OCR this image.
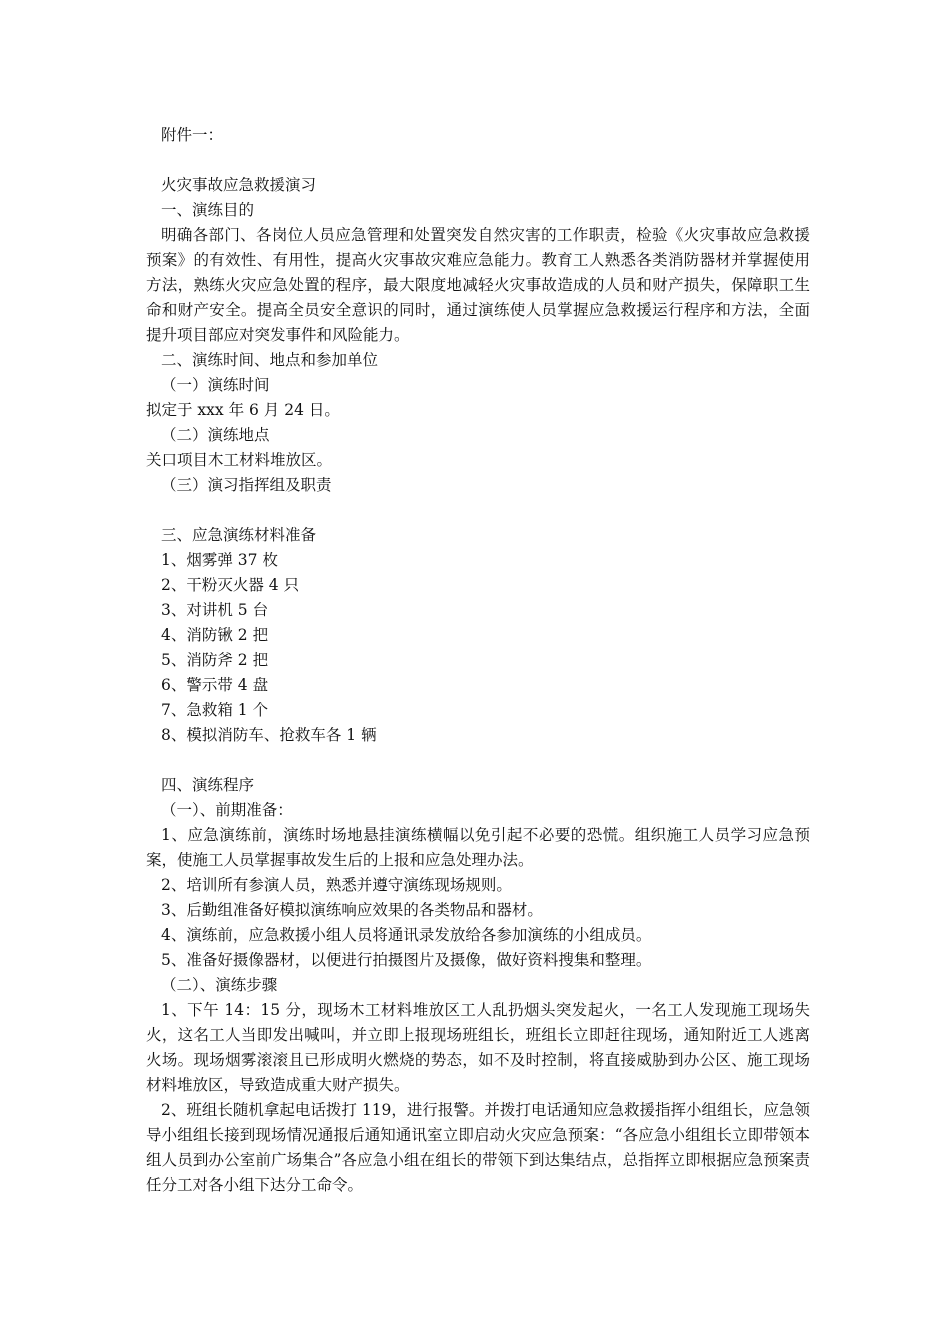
附件一：
火灾事故应急救援演习
一、演练目的
明确各部门、各岗位人员应急管理和处置突发自然灾害的工作职责，检验《火灾事故应急救援预案》的有效性、有用性，提高火灾事故灾难应急能力。教育工人熟悉各类消防器材并掌握使用方法，熟练火灾应急处置的程序，最大限度地减轻火灾事故造成的人员和财产损失，保障职工生命和财产安全。提高全员安全意识的同时，通过演练使人员掌握应急救援运行程序和方法，全面提升项目部应对突发事件和风险能力。
二、演练时间、地点和参加单位
（一）演练时间
拟定于 xxx 年 6 月 24 日。
（二）演练地点
关口项目木工材料堆放区。
（三）演习指挥组及职责
三、应急演练材料准备
1、烟雾弹 37 枚
2、干粉灭火器 4 只
3、对讲机 5 台
4、消防锹 2 把
5、消防斧 2 把
6、警示带 4 盘
7、急救箱 1 个
8、模拟消防车、抢救车各 1 辆
四、演练程序
（一）、前期准备：
1、应急演练前，演练时场地悬挂演练横幅以免引起不必要的恐慌。组织施工人员学习应急预案，使施工人员掌握事故发生后的上报和应急处理办法。
2、培训所有参演人员，熟悉并遵守演练现场规则。
3、后勤组准备好模拟演练响应效果的各类物品和器材。
4、演练前，应急救援小组人员将通讯录发放给各参加演练的小组成员。
5、准备好摄像器材，以便进行拍摄图片及摄像，做好资料搜集和整理。
（二）、演练步骤
1、下午 14：15 分，现场木工材料堆放区工人乱扔烟头突发起火，一名工人发现施工现场失火，这名工人当即发出喊叫，并立即上报现场班组长，班组长立即赶往现场，通知附近工人逃离火场。现场烟雾滚滚且已形成明火燃烧的势态，如不及时控制，将直接威胁到办公区、施工现场材料堆放区，导致造成重大财产损失。
2、班组长随机拿起电话拨打 119，进行报警。并拨打电话通知应急救援指挥小组组长，应急领导小组组长接到现场情况通报后通知通讯室立即启动火灾应急预案：“各应急小组组长立即带领本组人员到办公室前广场集合”各应急小组在组长的带领下到达集结点，总指挥立即根据应急预案责任分工对各小组下达分工命令。
